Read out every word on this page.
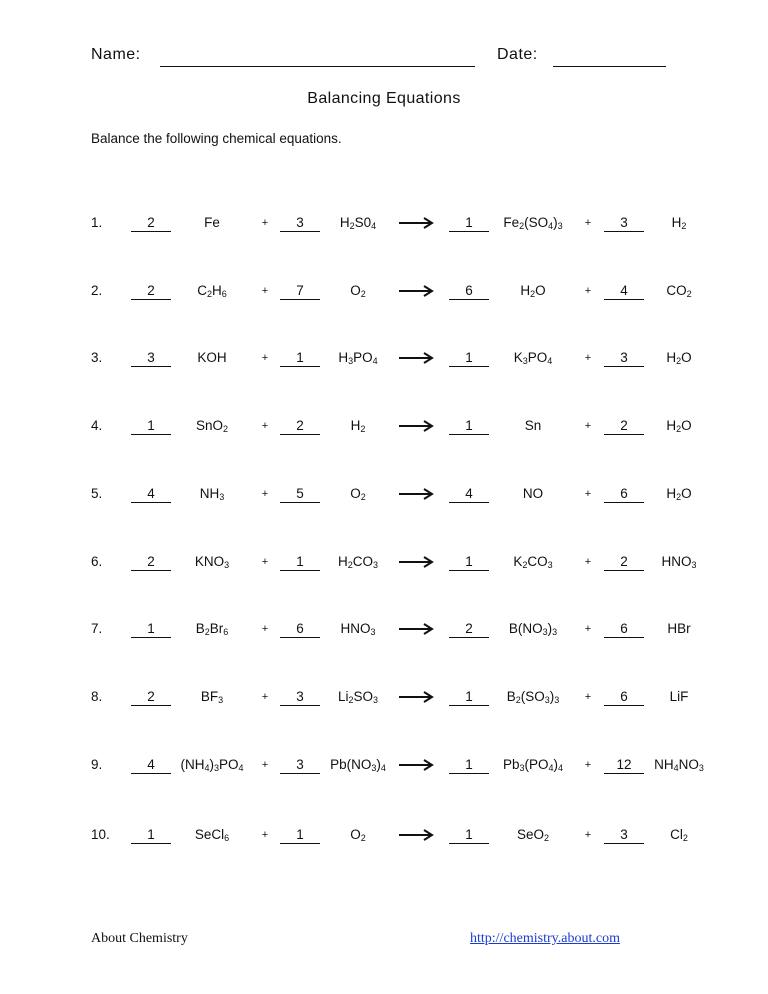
Name:	Date:
Balancing Equations
Balance the following chemical equations.
1.	2	Fe	+	3	$H_2S0_4$	1	$Fe_2(SO_4)_3$	+	3	$H_2$
2.	2	$C_2H_6$	+	7	$O_2$	6	$H_2O$	+	4	$CO_2$
3.	3	KOH	+	1	$H_3PO_4$	1	$K_3PO_4$	+	3	$H_2O$
4.	1	SnO$_2$	+	2	$H_2$	1	Sn	+	2	$H_2O$
5.	4	$NH_3$	+	5	$O_2$	4	NO	+	6	$H_2O$
6.	2	$KNO_3$	+	1	$H_2CO_3$	→	1	$K_2CO_3$	+	2	$HNO_3$
7.	1	$B_2Br_6$	+	6	$HNO_3$	2	$B(NO_3)_3$	+	6	HBr
8.	2	$BF_3$	+	3	$Li_2SO_3$	→	1	$B_2(SO_3)_3$	+	6	LiF
9.	4	$(NH_4)_3PO_4$	+	3	$Pb(NO_3)_4$ →	1	$Pb_3(PO_4)_4$	+	12	$NH_4NO_3$
10.	1	SeCl$_6$	+	1	$O_2$	1	SeO$_2$	+	3	$Cl_2$
About Chemistry	http://chemistry.about.com
